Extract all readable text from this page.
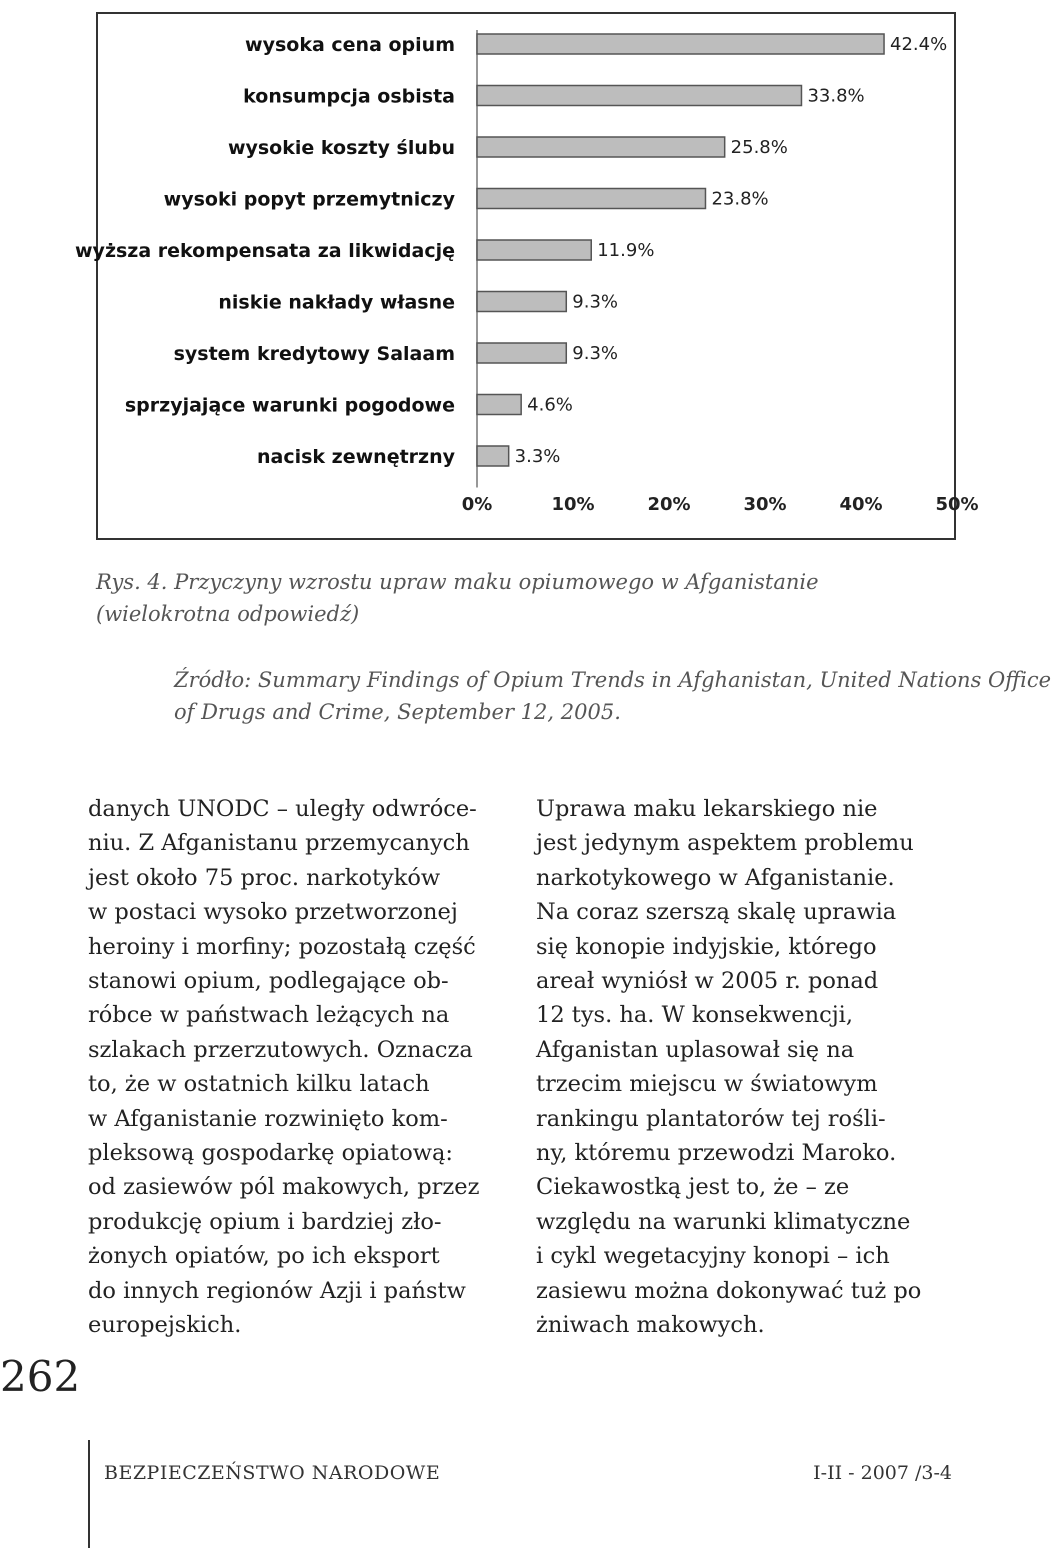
wysoka cena opium	42.4%
konsumpcja osbista	33.8%
wysokie koszty ślubu	25.8%
wysoki popyt przemytniczy	23.8%
wyższa rekompensata za likwidację	11.9%
niskie nakłady własne	9.3%
system kredytowy Salaam	9.3%
sprzyjające warunki pogodowe	4.6%
nacisk zewnętrzny	3.3%
0%	10%	20%	30%	40%	50%
Rys. 4. Przyczyny wzrostu upraw maku opiumowego w Afganistanie
(wielokrotna odpowiedź)
Źródło: Summary Findings of Opium Trends in Afghanistan, United Nations Office
of Drugs and Crime, September 12, 2005.
danych UNODC – uległy odwróce-
niu. Z Afganistanu przemycanych
jest około 75 proc. narkotyków
w postaci wysoko przetworzonej
heroiny i morfiny; pozostałą część
stanowi opium, podlegające ob-
róbce w państwach leżących na
szlakach przerzutowych. Oznacza
to, że w ostatnich kilku latach
w Afganistanie rozwinięto kom-
pleksową gospodarkę opiatową:
od zasiewów pól makowych, przez
produkcję opium i bardziej zło-
żonych opiatów, po ich eksport
do innych regionów Azji i państw
europejskich.
Uprawa maku lekarskiego nie
jest jedynym aspektem problemu
narkotykowego w Afganistanie.
Na coraz szerszą skalę uprawia
się konopie indyjskie, którego
areał wyniósł w 2005 r. ponad
12 tys. ha. W konsekwencji,
Afganistan uplasował się na
trzecim miejscu w światowym
rankingu plantatorów tej rośli-
ny, któremu przewodzi Maroko.
Ciekawostką jest to, że – ze
względu na warunki klimatyczne
i cykl wegetacyjny konopi – ich
zasiewu można dokonywać tuż po
żniwach makowych.
262
BEZPIECZEŃSTWO NARODOWE	I-II - 2007 /3-4
